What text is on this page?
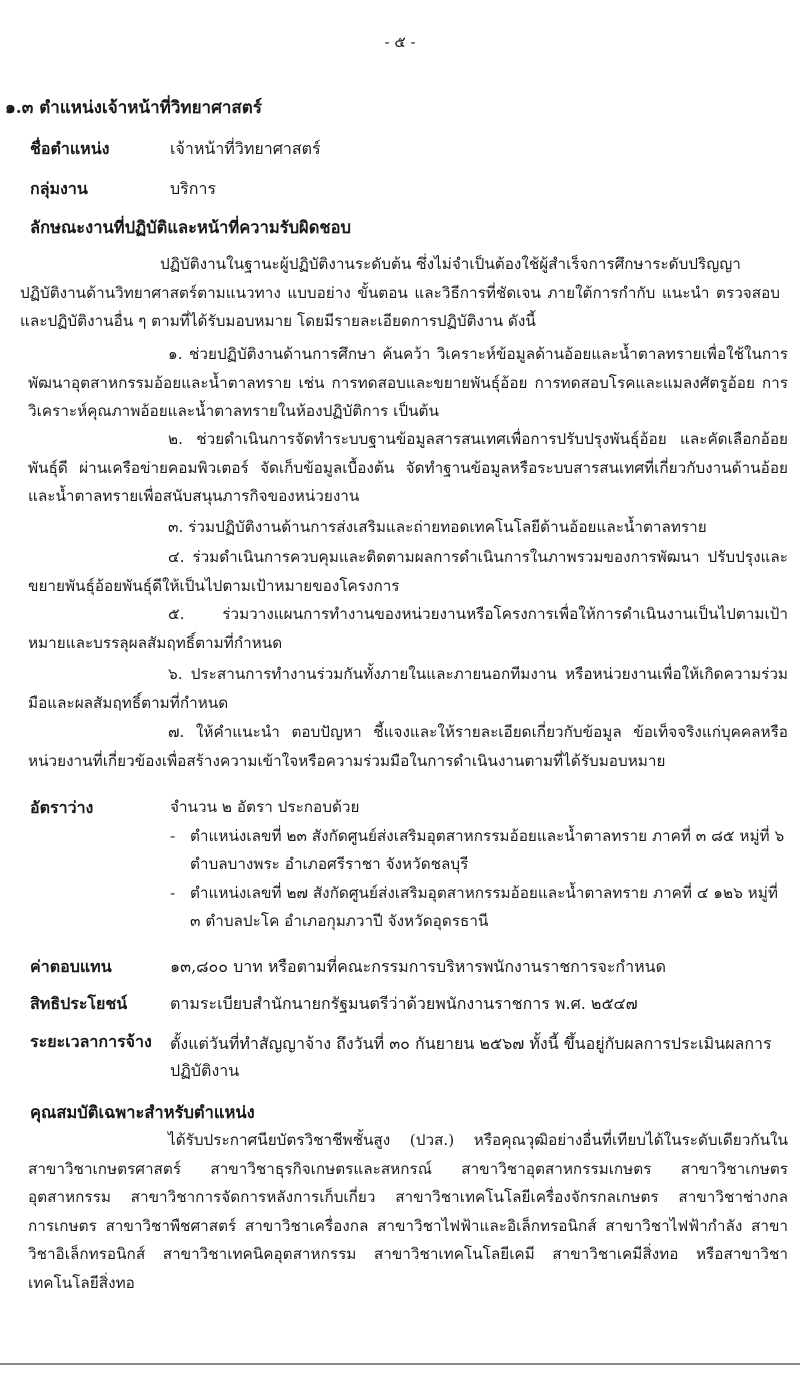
- ๕ -
๑.๓ ตำแหน่งเจ้าหน้าที่วิทยาศาสตร์
ชื่อตำแหน่ง	เจ้าหน้าที่วิทยาศาสตร์
กลุ่มงาน	บริการ
ลักษณะงานที่ปฏิบัติและหน้าที่ความรับผิดชอบ
ปฏิบัติงานในฐานะผู้ปฏิบัติงานระดับต้น ซึ่งไม่จำเป็นต้องใช้ผู้สำเร็จการศึกษาระดับปริญญา
ปฏิบัติงานด้านวิทยาศาสตร์ตามแนวทาง แบบอย่าง ขั้นตอน และวิธีการที่ชัดเจน ภายใต้การกำกับ แนะนำ ตรวจสอบ และปฏิบัติงานอื่น ๆ ตามที่ได้รับมอบหมาย โดยมีรายละเอียดการปฏิบัติงาน ดังนี้
๑. ช่วยปฏิบัติงานด้านการศึกษา ค้นคว้า วิเคราะห์ข้อมูลด้านอ้อยและน้ำตาลทรายเพื่อใช้ในการพัฒนาอุตสาหกรรมอ้อยและน้ำตาลทราย เช่น การทดสอบและขยายพันธุ์อ้อย การทดสอบโรคและแมลงศัตรูอ้อย การวิเคราะห์คุณภาพอ้อยและน้ำตาลทรายในห้องปฏิบัติการ เป็นต้น
๒. ช่วยดำเนินการจัดทำระบบฐานข้อมูลสารสนเทศเพื่อการปรับปรุงพันธุ์อ้อย และคัดเลือกอ้อยพันธุ์ดี ผ่านเครือข่ายคอมพิวเตอร์ จัดเก็บข้อมูลเบื้องต้น จัดทำฐานข้อมูลหรือระบบสารสนเทศที่เกี่ยวกับงานด้านอ้อยและน้ำตาลทรายเพื่อสนับสนุนภารกิจของหน่วยงาน
๓. ร่วมปฏิบัติงานด้านการส่งเสริมและถ่ายทอดเทคโนโลยีด้านอ้อยและน้ำตาลทราย
๔. ร่วมดำเนินการควบคุมและติดตามผลการดำเนินการในภาพรวมของการพัฒนา ปรับปรุงและขยายพันธุ์อ้อยพันธุ์ดีให้เป็นไปตามเป้าหมายของโครงการ
๕. ร่วมวางแผนการทำงานของหน่วยงานหรือโครงการเพื่อให้การดำเนินงานเป็นไปตามเป้าหมายและบรรลุผลสัมฤทธิ์ตามที่กำหนด
๖. ประสานการทำงานร่วมกันทั้งภายในและภายนอกทีมงาน หรือหน่วยงานเพื่อให้เกิดความร่วมมือและผลสัมฤทธิ์ตามที่กำหนด
๗. ให้คำแนะนำ ตอบปัญหา ชี้แจงและให้รายละเอียดเกี่ยวกับข้อมูล ข้อเท็จจริงแก่บุคคลหรือหน่วยงานที่เกี่ยวข้องเพื่อสร้างความเข้าใจหรือความร่วมมือในการดำเนินงานตามที่ได้รับมอบหมาย
อัตราว่าง	จำนวน ๒ อัตรา ประกอบด้วย
- ตำแหน่งเลขที่ ๒๓ สังกัดศูนย์ส่งเสริมอุตสาหกรรมอ้อยและน้ำตาลทราย ภาคที่ ๓ ๘๕ หมู่ที่ ๖ ตำบลบางพระ อำเภอศรีราชา จังหวัดชลบุรี
- ตำแหน่งเลขที่ ๒๗ สังกัดศูนย์ส่งเสริมอุตสาหกรรมอ้อยและน้ำตาลทราย ภาคที่ ๔ ๑๒๖ หมู่ที่ ๓ ตำบลปะโค อำเภอกุมภวาปี จังหวัดอุดรธานี
ค่าตอบแทน	๑๓,๘๐๐ บาท หรือตามที่คณะกรรมการบริหารพนักงานราชการจะกำหนด
สิทธิประโยชน์	ตามระเบียบสำนักนายกรัฐมนตรีว่าด้วยพนักงานราชการ พ.ศ. ๒๕๔๗
ระยะเวลาการจ้าง ตั้งแต่วันที่ทำสัญญาจ้าง ถึงวันที่ ๓๐ กันยายน ๒๕๖๗ ทั้งนี้ ขึ้นอยู่กับผลการประเมินผลการปฏิบัติงาน
คุณสมบัติเฉพาะสำหรับตำแหน่ง
ได้รับประกาศนียบัตรวิชาชีพชั้นสูง (ปวส.) หรือคุณวุฒิอย่างอื่นที่เทียบได้ในระดับเดียวกันในสาขาวิชาเกษตรศาสตร์ สาขาวิชาธุรกิจเกษตรและสหกรณ์ สาขาวิชาอุตสาหกรรมเกษตร สาขาวิชาเกษตรอุตสาหกรรม สาขาวิชาการจัดการหลังการเก็บเกี่ยว สาขาวิชาเทคโนโลยีเครื่องจักรกลเกษตร สาขาวิชาช่างกลการเกษตร สาขาวิชาพืชศาสตร์ สาขาวิชาเครื่องกล สาขาวิชาไฟฟ้าและอิเล็กทรอนิกส์ สาขาวิชาไฟฟ้ากำลัง สาขาวิชาอิเล็กทรอนิกส์ สาขาวิชาเทคนิคอุตสาหกรรม สาขาวิชาเทคโนโลยีเคมี สาขาวิชาเคมีสิ่งทอ หรือสาขาวิชาเทคโนโลยีสิ่งทอ
